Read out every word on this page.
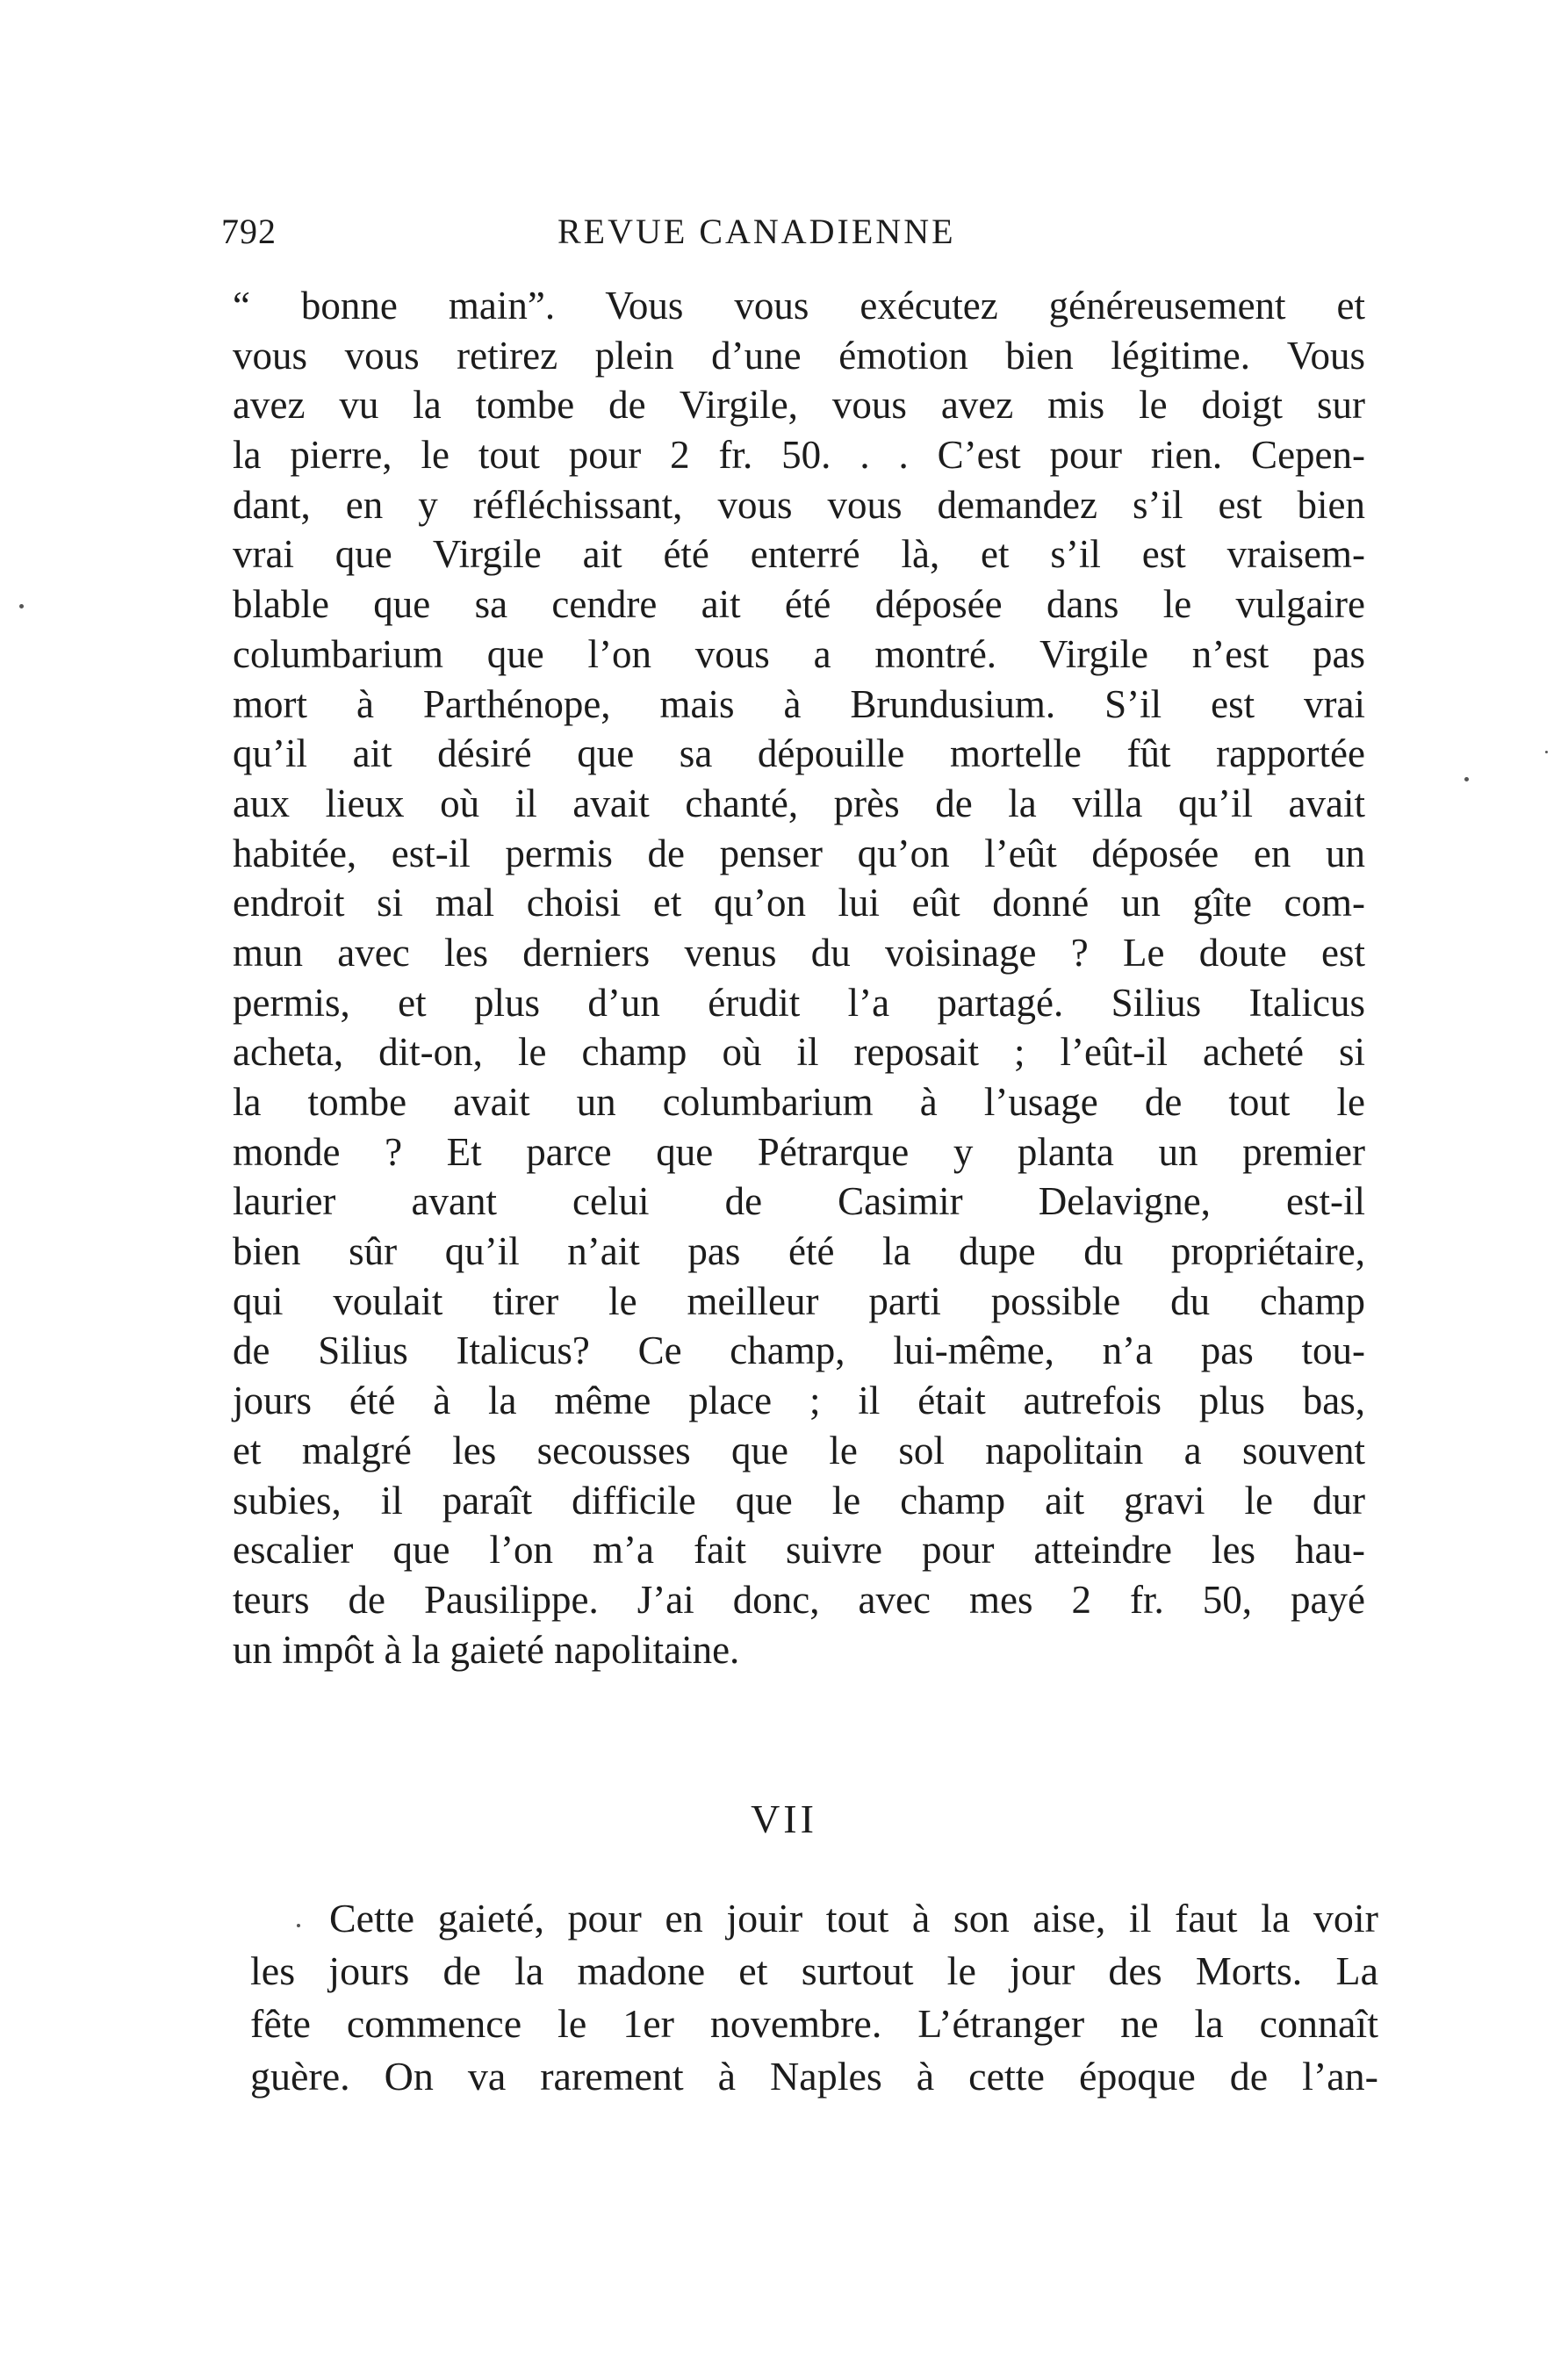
792	REVUE CANADIENNE
“ bonne main”. Vous vous exécutez généreusement et
vous vous retirez plein d’une émotion bien légitime. Vous
avez vu la tombe de Virgile, vous avez mis le doigt sur
la pierre, le tout pour 2 fr. 50. . . C’est pour rien. Cepen-
dant, en y réfléchissant, vous vous demandez s’il est bien
vrai que Virgile ait été enterré là, et s’il est vraisem-
blable que sa cendre ait été déposée dans le vulgaire
columbarium que l’on vous a montré. Virgile n’est pas
mort à Parthénope, mais à Brundusium. S’il est vrai
qu’il ait désiré que sa dépouille mortelle fût rapportée
aux lieux où il avait chanté, près de la villa qu’il avait
habitée, est-il permis de penser qu’on l’eût déposée en un
endroit si mal choisi et qu’on lui eût donné un gîte com-
mun avec les derniers venus du voisinage ? Le doute est
permis, et plus d’un érudit l’a partagé. Silius Italicus
acheta, dit-on, le champ où il reposait ; l’eût-il acheté si
la tombe avait un columbarium à l’usage de tout le
monde ? Et parce que Pétrarque y planta un premier
laurier avant celui de Casimir Delavigne, est-il
bien sûr qu’il n’ait pas été la dupe du propriétaire,
qui voulait tirer le meilleur parti possible du champ
de Silius Italicus? Ce champ, lui-même, n’a pas tou-
jours été à la même place ; il était autrefois plus bas,
et malgré les secousses que le sol napolitain a souvent
subies, il paraît difficile que le champ ait gravi le dur
escalier que l’on m’a fait suivre pour atteindre les hau-
teurs de Pausilippe. J’ai donc, avec mes 2 fr. 50, payé
un impôt à la gaieté napolitaine.
VII
Cette gaieté, pour en jouir tout à son aise, il faut la voir
les jours de la madone et surtout le jour des Morts. La
fête commence le 1er novembre. L’étranger ne la connaît
guère. On va rarement à Naples à cette époque de l’an-
